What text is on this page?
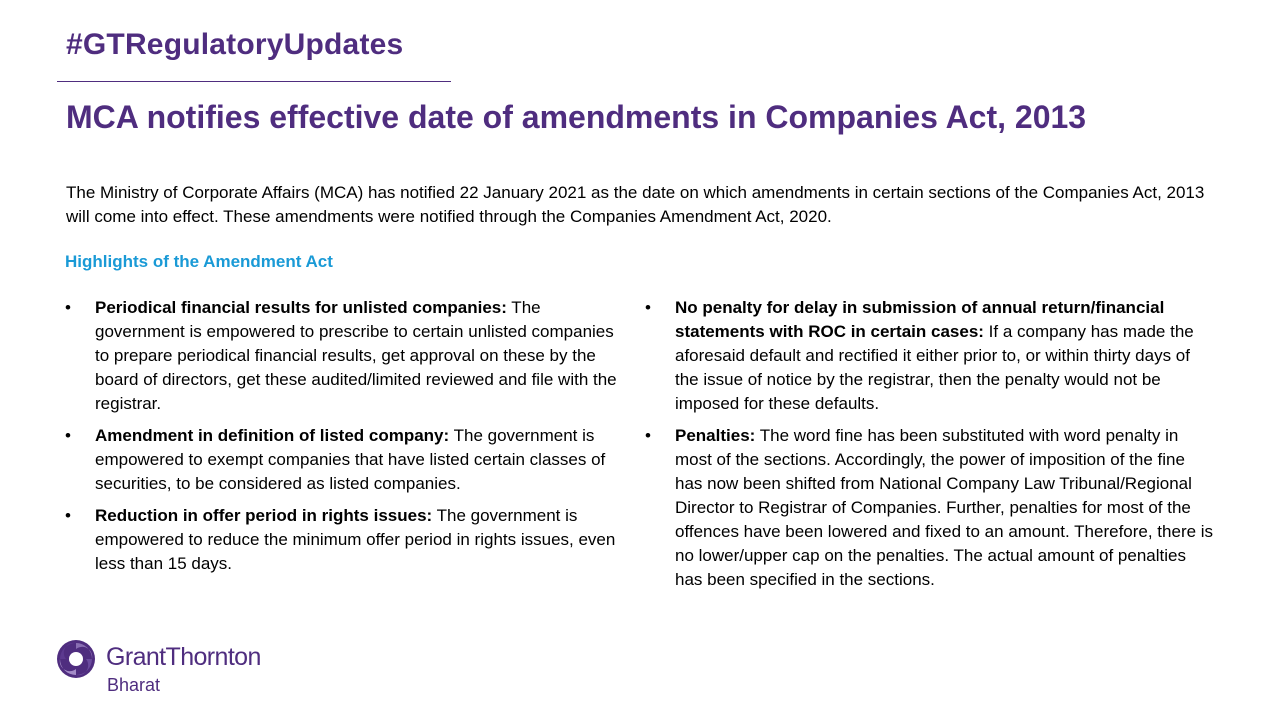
#GTRegulatoryUpdates
MCA notifies effective date of amendments in Companies Act, 2013

The Ministry of Corporate Affairs (MCA) has notified 22 January 2021 as the date on which amendments in certain sections of the Companies Act, 2013 will come into effect. These amendments were notified through the Companies Amendment Act, 2020.

Highlights of the Amendment Act
•	Periodical financial results for unlisted companies: The government is empowered to prescribe to certain unlisted companies to prepare periodical financial results, get approval on these by the board of directors, get these audited/limited reviewed and file with the registrar.
•	Amendment in definition of listed company: The government is empowered to exempt companies that have listed certain classes of securities, to be considered as listed companies.
•	Reduction in offer period in rights issues: The government is empowered to reduce the minimum offer period in rights issues, even less than 15 days.
•	No penalty for delay in submission of annual return/financial statements with ROC in certain cases: If a company has made the aforesaid default and rectified it either prior to, or within thirty days of the issue of notice by the registrar, then the penalty would not be imposed for these defaults.
•	Penalties: The word fine has been substituted with word penalty in most of the sections. Accordingly, the power of imposition of the fine has now been shifted from National Company Law Tribunal/Regional Director to Registrar of Companies. Further, penalties for most of the offences have been lowered and fixed to an amount. Therefore, there is no lower/upper cap on the penalties. The actual amount of penalties has been specified in the sections.
GrantThornton
Bharat
